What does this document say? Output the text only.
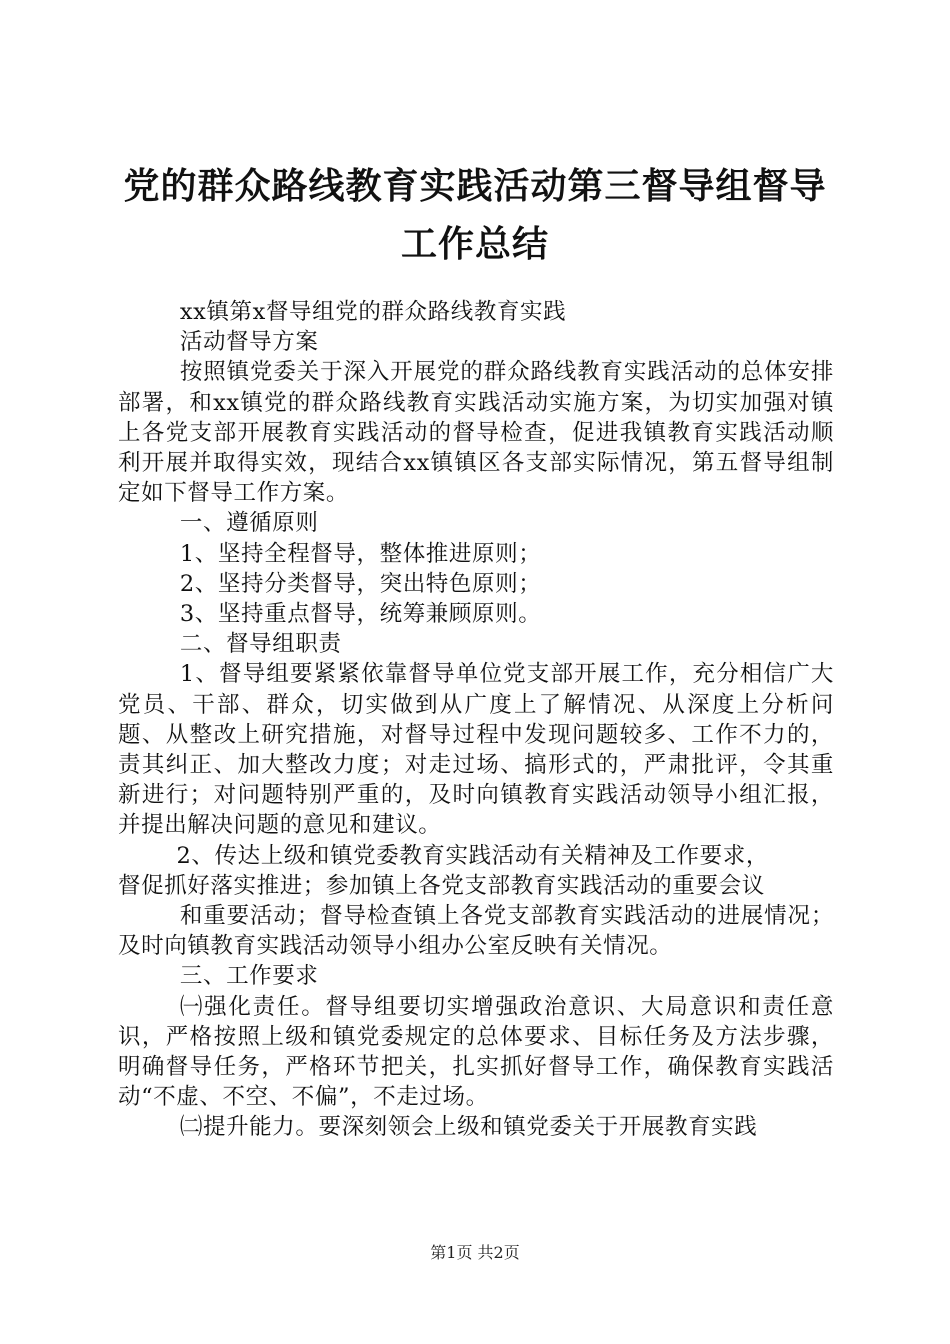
党的群众路线教育实践活动第三督导组督导工作总结

xx镇第x督导组党的群众路线教育实践

活动督导方案

按照镇党委关于深入开展党的群众路线教育实践活动的总体安排部署，和xx镇党的群众路线教育实践活动实施方案，为切实加强对镇上各党支部开展教育实践活动的督导检查，促进我镇教育实践活动顺利开展并取得实效，现结合xx镇镇区各支部实际情况，第五督导组制定如下督导工作方案。

一、遵循原则

1、坚持全程督导，整体推进原则；

2、坚持分类督导，突出特色原则；

3、坚持重点督导，统筹兼顾原则。

二、督导组职责

1、督导组要紧紧依靠督导单位党支部开展工作，充分相信广大党员、干部、群众，切实做到从广度上了解情况、从深度上分析问题、从整改上研究措施，对督导过程中发现问题较多、工作不力的，责其纠正、加大整改力度；对走过场、搞形式的，严肃批评，令其重新进行；对问题特别严重的，及时向镇教育实践活动领导小组汇报，并提出解决问题的意见和建议。

2、传达上级和镇党委教育实践活动有关精神及工作要求，

督促抓好落实推进；参加镇上各党支部教育实践活动的重要会议

和重要活动；督导检查镇上各党支部教育实践活动的进展情况；及时向镇教育实践活动领导小组办公室反映有关情况。

三、工作要求

㈠强化责任。督导组要切实增强政治意识、大局意识和责任意识，严格按照上级和镇党委规定的总体要求、目标任务及方法步骤，明确督导任务，严格环节把关，扎实抓好督导工作，确保教育实践活动“不虚、不空、不偏”，不走过场。

㈡提升能力。要深刻领会上级和镇党委关于开展教育实践

第1页 共2页
